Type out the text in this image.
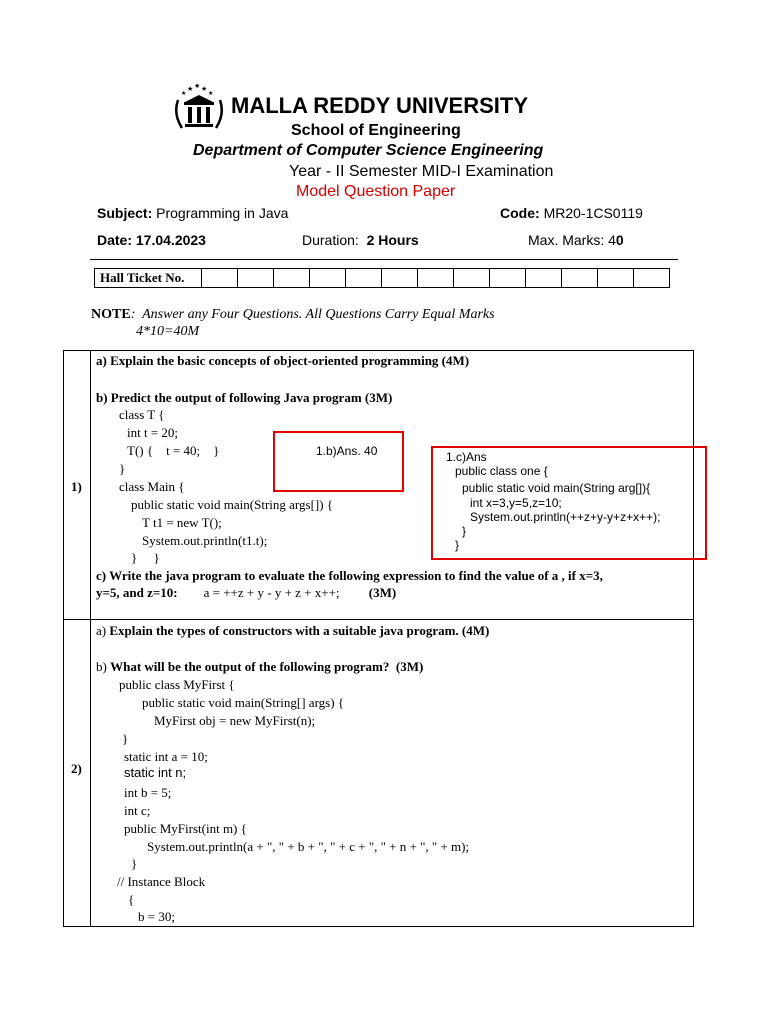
★ ★ ★
★	★ MALLA REDDY UNIVERSITY
School of Engineering
Department of Computer Science Engineering
Year - II Semester MID-I Examination
Model Question Paper
Subject: Programming in Java	Code: MR20-1CS0119
Date: 17.04.2023	Duration: 2 Hours	Max. Marks: 40
Hall Ticket No.													
NOTE:  Answer any Four Questions. All Questions Carry Equal Marks
4*10=40M
1)
a) Explain the basic concepts of object-oriented programming (4M)
b) Predict the output of following Java program (3M)
class T {
int t = 20;
T() {    t = 40;    }
}
class Main {
public static void main(String args[]) {
T t1 = new T();
System.out.println(t1.t);
}     }
c) Write the java program to evaluate the following expression to find the value of a , if x=3,
y=5, and z=10: a = ++z + y - y + z + x++; (3M)
1.b)Ans. 40	1.c)Ans
public class one {
public static void main(String arg[]){
int x=3,y=5,z=10;
System.out.println(++z+y-y+z+x++);
}
}
2)
a) Explain the types of constructors with a suitable java program. (4M)
b) What will be the output of the following program?  (3M)
public class MyFirst {
public static void main(String[] args) {
MyFirst obj = new MyFirst(n);
}
static int a = 10;
static int n;
int b = 5;
int c;
public MyFirst(int m) {
System.out.println(a + ", " + b + ", " + c + ", " + n + ", " + m);
}
// Instance Block
{
b = 30;
